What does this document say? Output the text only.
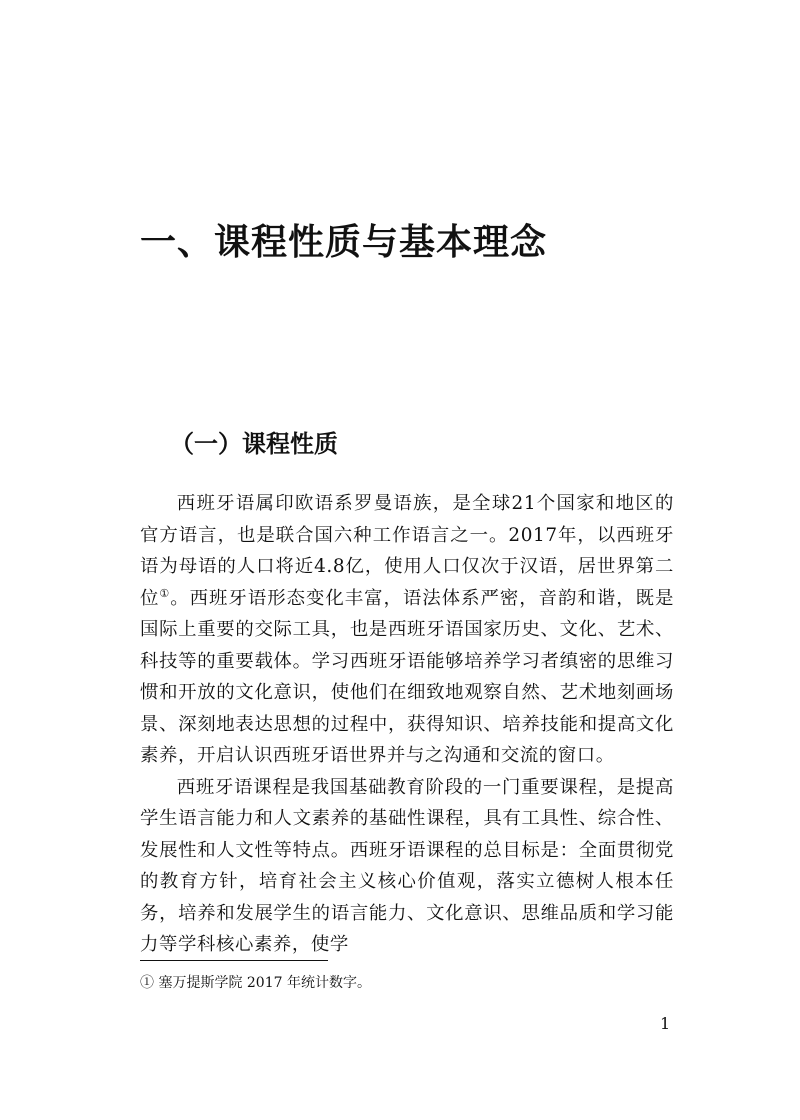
一、课程性质与基本理念
（一）课程性质

西班牙语属印欧语系罗曼语族，是全球21个国家和地区的官方语言，也是联合国六种工作语言之一。2017年，以西班牙语为母语的人口将近4.8亿，使用人口仅次于汉语，居世界第二位①。西班牙语形态变化丰富，语法体系严密，音韵和谐，既是国际上重要的交际工具，也是西班牙语国家历史、文化、艺术、科技等的重要载体。学习西班牙语能够培养学习者缜密的思维习惯和开放的文化意识，使他们在细致地观察自然、艺术地刻画场景、深刻地表达思想的过程中，获得知识、培养技能和提高文化素养，开启认识西班牙语世界并与之沟通和交流的窗口。

西班牙语课程是我国基础教育阶段的一门重要课程，是提高学生语言能力和人文素养的基础性课程，具有工具性、综合性、发展性和人文性等特点。西班牙语课程的总目标是：全面贯彻党的教育方针，培育社会主义核心价值观，落实立德树人根本任务，培养和发展学生的语言能力、文化意识、思维品质和学习能力等学科核心素养，使学

① 塞万提斯学院 2017 年统计数字。

1
